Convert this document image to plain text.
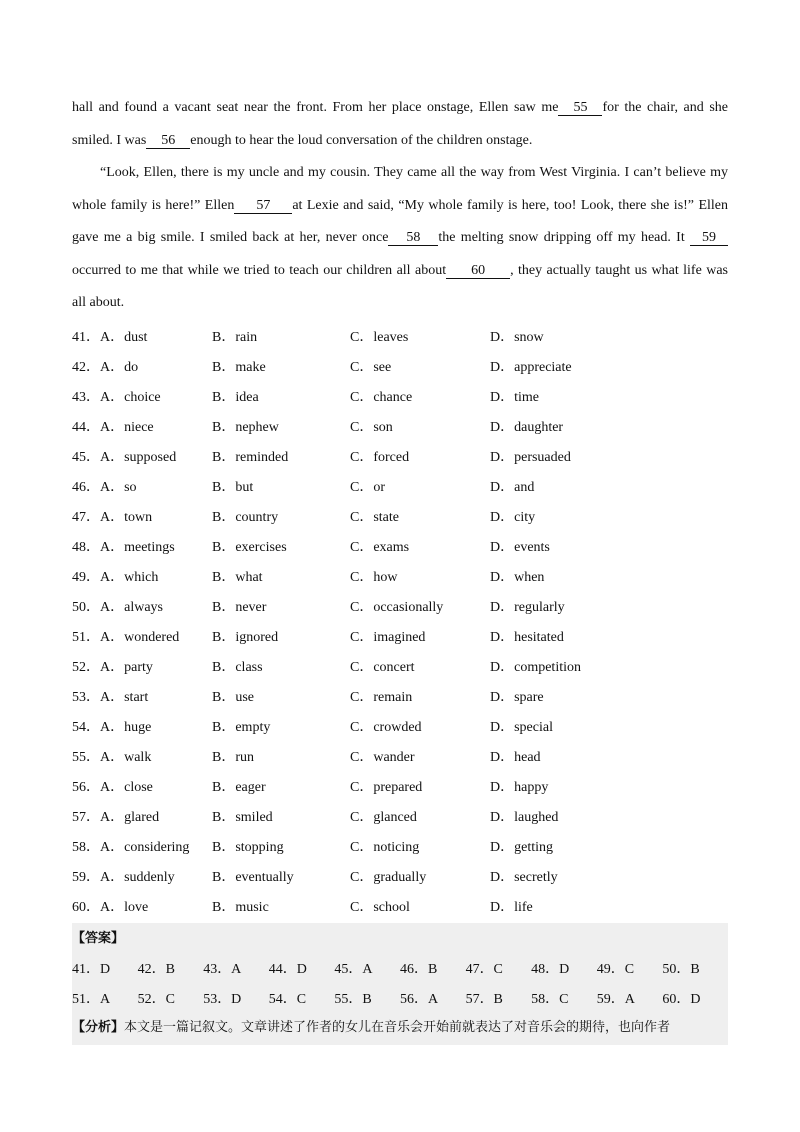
hall and found a vacant seat near the front. From her place onstage, Ellen saw me 55 for the chair, and she smiled. I was 56 enough to hear the loud conversation of the children onstage.

“Look, Ellen, there is my uncle and my cousin. They came all the way from West Virginia. I can’t believe my whole family is here!” Ellen 57 at Lexie and said, “My whole family is here, too! Look, there she is!” Ellen gave me a big smile. I smiled back at her, never once 58 the melting snow dripping off my head. It 59occurred to me that while we tried to teach our children all about 60 , they actually taught us what life was all about.

41． A．dust	B．rain	C．leaves	D．snow
42． A．do	B．make	C．see	D．appreciate
43． A．choice	B．idea	C．chance	D．time
44． A．niece	B．nephew	C．son	D．daughter
45． A．supposed	B．reminded	C．forced	D．persuaded
46． A．so	B．but	C．or	D．and
47． A．town	B．country	C．state	D．city
48． A．meetings	B．exercises	C．exams	D．events
49． A．which	B．what	C．how	D．when
50． A．always	B．never	C．occasionally	D．regularly
51． A．wondered	B．ignored	C．imagined	D．hesitated
52． A．party	B．class	C．concert	D．competition
53． A．start	B．use	C．remain	D．spare
54． A．huge	B．empty	C．crowded	D．special
55． A．walk	B．run	C．wander	D．head
56． A．close	B．eager	C．prepared	D．happy
57． A．glared	B．smiled	C．glanced	D．laughed
58． A．considering	B．stopping	C．noticing	D．getting
59． A．suddenly	B．eventually	C．gradually	D．secretly
60． A．love	B．music	C．school	D．life
【答案】
41．D	42．B	43．A	44．D	45．A	46．B	47．C	48．D	49．C	50．B
51．A	52．C	53．D	54．C	55．B	56．A	57．B	58．C	59．A	60．D
【分析】本文是一篇记叙文。文章讲述了作者的女儿在音乐会开始前就表达了对音乐会的期待，也向作者
